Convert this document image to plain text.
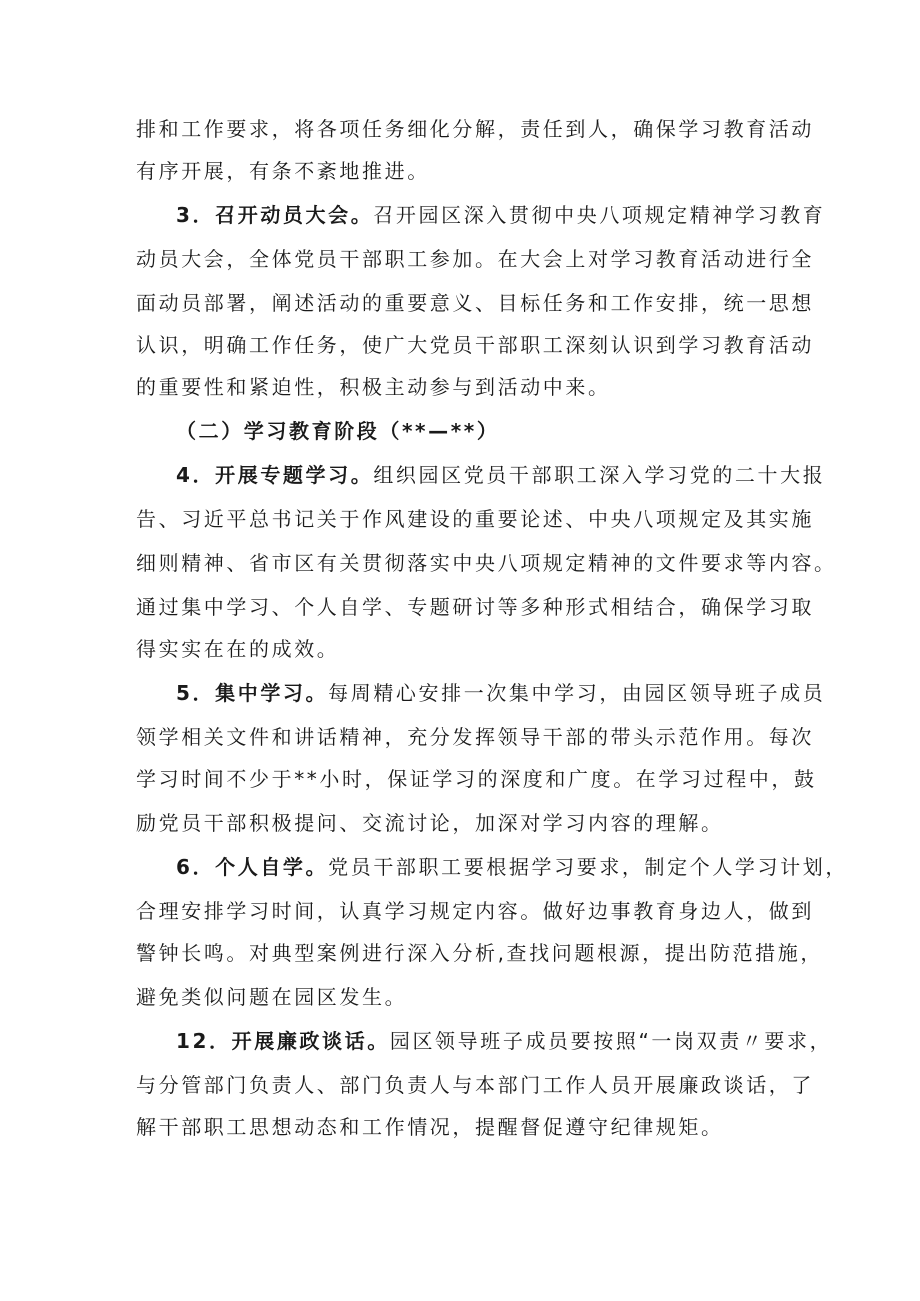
排和工作要求，将各项任务细化分解，责任到人，确保学习教育活动
有序开展，有条不紊地推进。
3．召开动员大会。召开园区深入贯彻中央八项规定精神学习教育
动员大会，全体党员干部职工参加。在大会上对学习教育活动进行全
面动员部署，阐述活动的重要意义、目标任务和工作安排，统一思想
认识，明确工作任务，使广大党员干部职工深刻认识到学习教育活动
的重要性和紧迫性，积极主动参与到活动中来。
（二）学习教育阶段（**—**）
4．开展专题学习。组织园区党员干部职工深入学习党的二十大报
告、习近平总书记关于作风建设的重要论述、中央八项规定及其实施
细则精神、省市区有关贯彻落实中央八项规定精神的文件要求等内容。
通过集中学习、个人自学、专题研讨等多种形式相结合，确保学习取
得实实在在的成效。
5．集中学习。每周精心安排一次集中学习，由园区领导班子成员
领学相关文件和讲话精神，充分发挥领导干部的带头示范作用。每次
学习时间不少于**小时，保证学习的深度和广度。在学习过程中，鼓
励党员干部积极提问、交流讨论，加深对学习内容的理解。
6．个人自学。党员干部职工要根据学习要求，制定个人学习计划，
合理安排学习时间，认真学习规定内容。做好边事教育身边人，做到
警钟长鸣。对典型案例进行深入分析,查找问题根源，提出防范措施，
避免类似问题在园区发生。
12．开展廉政谈话。园区领导班子成员要按照“一岗双责〃要求，
与分管部门负责人、部门负责人与本部门工作人员开展廉政谈话，了
解干部职工思想动态和工作情况，提醒督促遵守纪律规矩。
